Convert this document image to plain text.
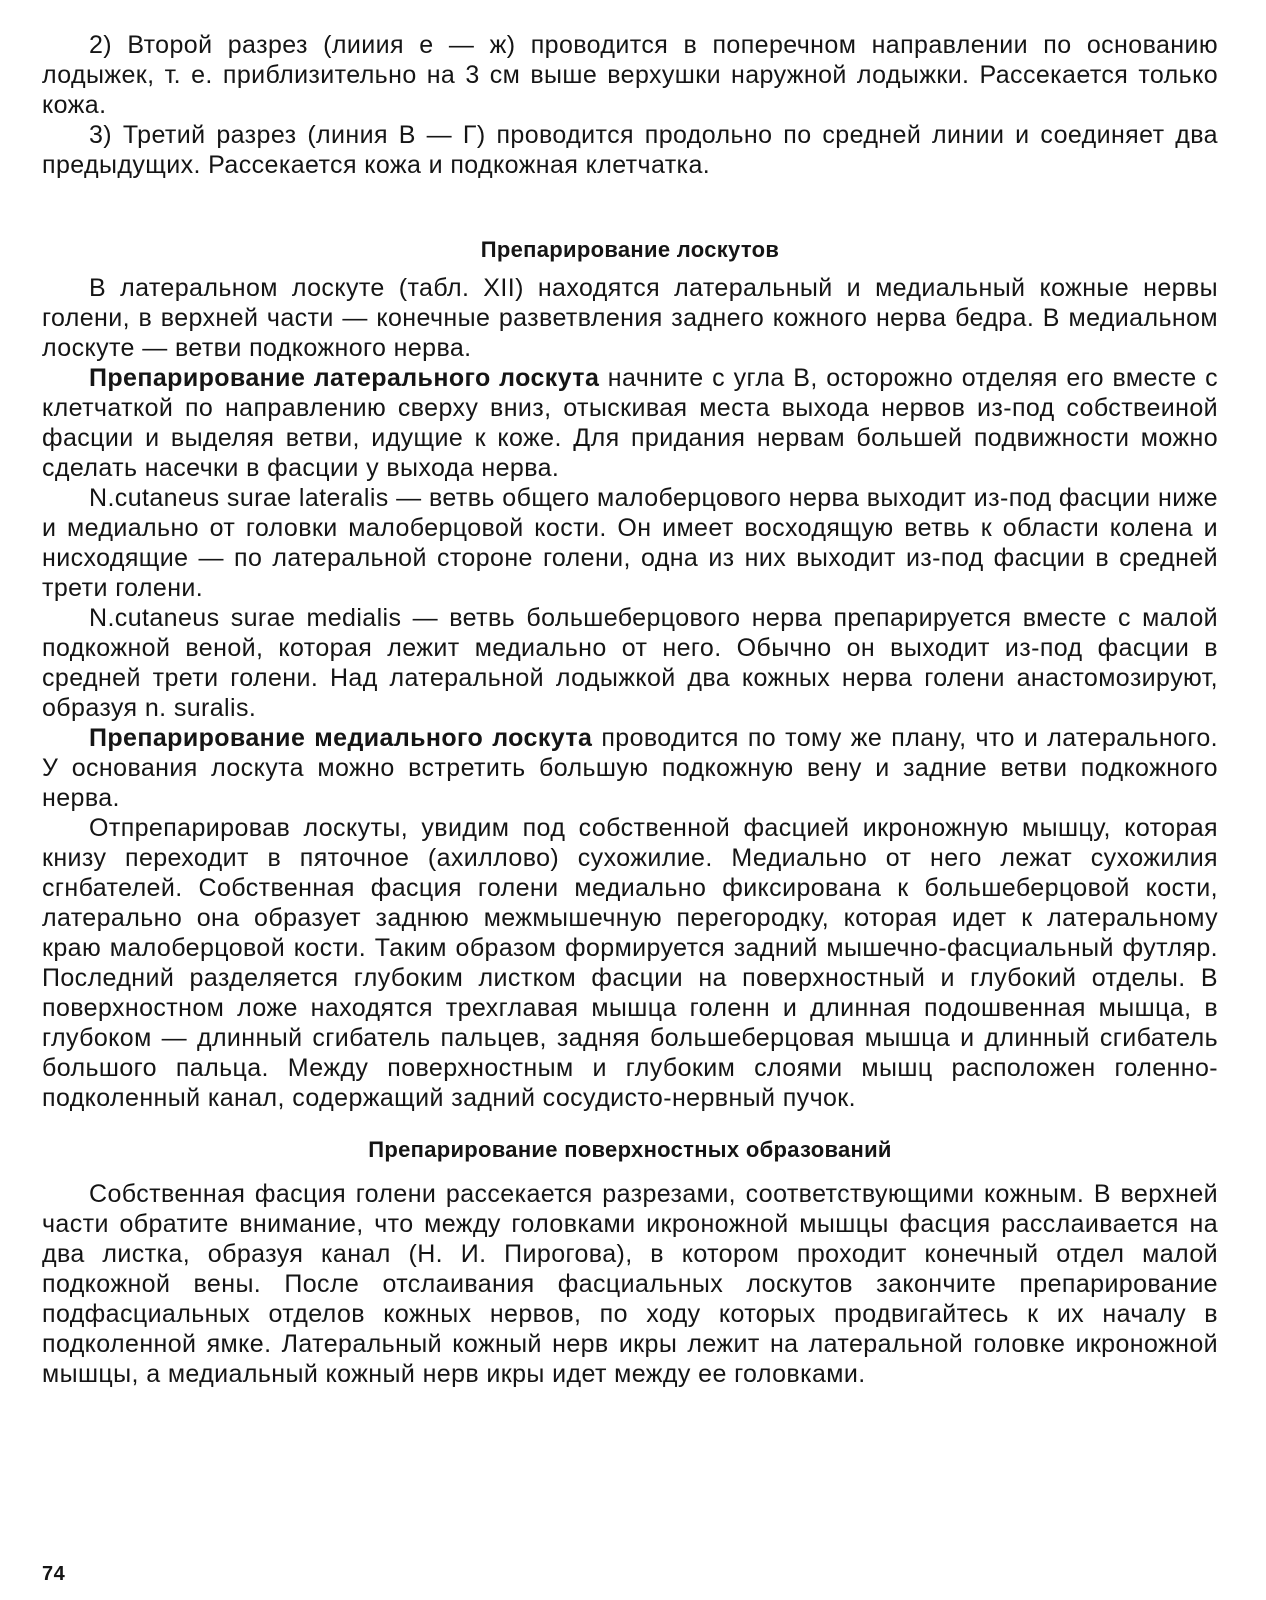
2) Второй разрез (лииия е — ж) проводится в поперечном направлении по основанию лодыжек, т. е. приблизительно на 3 см выше верхушки наружной лодыжки. Рассекается только кожа.

3) Третий разрез (линия В — Г) проводится продольно по средней линии и соединяет два предыдущих. Рассекается кожа и подкожная клетчатка.

Препарирование лоскутов

В латеральном лоскуте (табл. XII) находятся латеральный и медиальный кожные нервы голени, в верхней части — конечные разветвления заднего кожного нерва бедра. В медиальном лоскуте — ветви подкожного нерва.

Препарирование латерального лоскута начните с угла В, осторожно отделяя его вместе с клетчаткой по направлению сверху вниз, отыскивая места выхода нервов из-под собствеиной фасции и выделяя ветви, идущие к коже. Для придания нервам большей подвижности можно сделать насечки в фасции у выхода нерва.

N.cutaneus surae lateralis — ветвь общего малоберцового нерва выходит из-под фасции ниже и медиально от головки малоберцовой кости. Он имеет восходящую ветвь к области колена и нисходящие — по латеральной стороне голени, одна из них выходит из-под фасции в средней трети голени.

N.cutaneus surae medialis — ветвь большеберцового нерва препарируется вместе с малой подкожной веной, которая лежит медиально от него. Обычно он выходит из-под фасции в средней трети голени. Над латеральной лодыжкой два кожных нерва голени анастомозируют, образуя n. suralis.

Препарирование медиального лоскута проводится по тому же плану, что и латерального. У основания лоскута можно встретить большую подкожную вену и задние ветви подкожного нерва.

Отпрепарировав лоскуты, увидим под собственной фасцией икроножную мышцу, которая книзу переходит в пяточное (ахиллово) сухожилие. Медиально от него лежат сухожилия сгнбателей. Собственная фасция голени медиально фиксирована к большеберцовой кости, латерально она образует заднюю межмышечную перегородку, которая идет к латеральному краю малоберцовой кости. Таким образом формируется задний мышечно-фасциальный футляр. Последний разделяется глубоким листком фасции на поверхностный и глубокий отделы. В поверхностном ложе находятся трехглавая мышца голенн и длинная подошвенная мышца, в глубоком — длинный сгибатель пальцев, задняя большеберцовая мышца и длинный сгибатель большого пальца. Между поверхностным и глубоким слоями мышц расположен голенно-подколенный канал, содержащий задний сосудисто-нервный пучок.

Препарирование поверхностных образований

Собственная фасция голени рассекается разрезами, соответствующими кожным. В верхней части обратите внимание, что между головками икроножной мышцы фасция расслаивается на два листка, образуя канал (Н. И. Пирогова), в котором проходит конечный отдел малой подкожной вены. После отслаивания фасциальных лоскутов закончите препарирование подфасциальных отделов кожных нервов, по ходу которых продвигайтесь к их началу в подколенной ямке. Латеральный кожный нерв икры лежит на латеральной головке икроножной мышцы, а медиальный кожный нерв икры идет между ее головками.

74
